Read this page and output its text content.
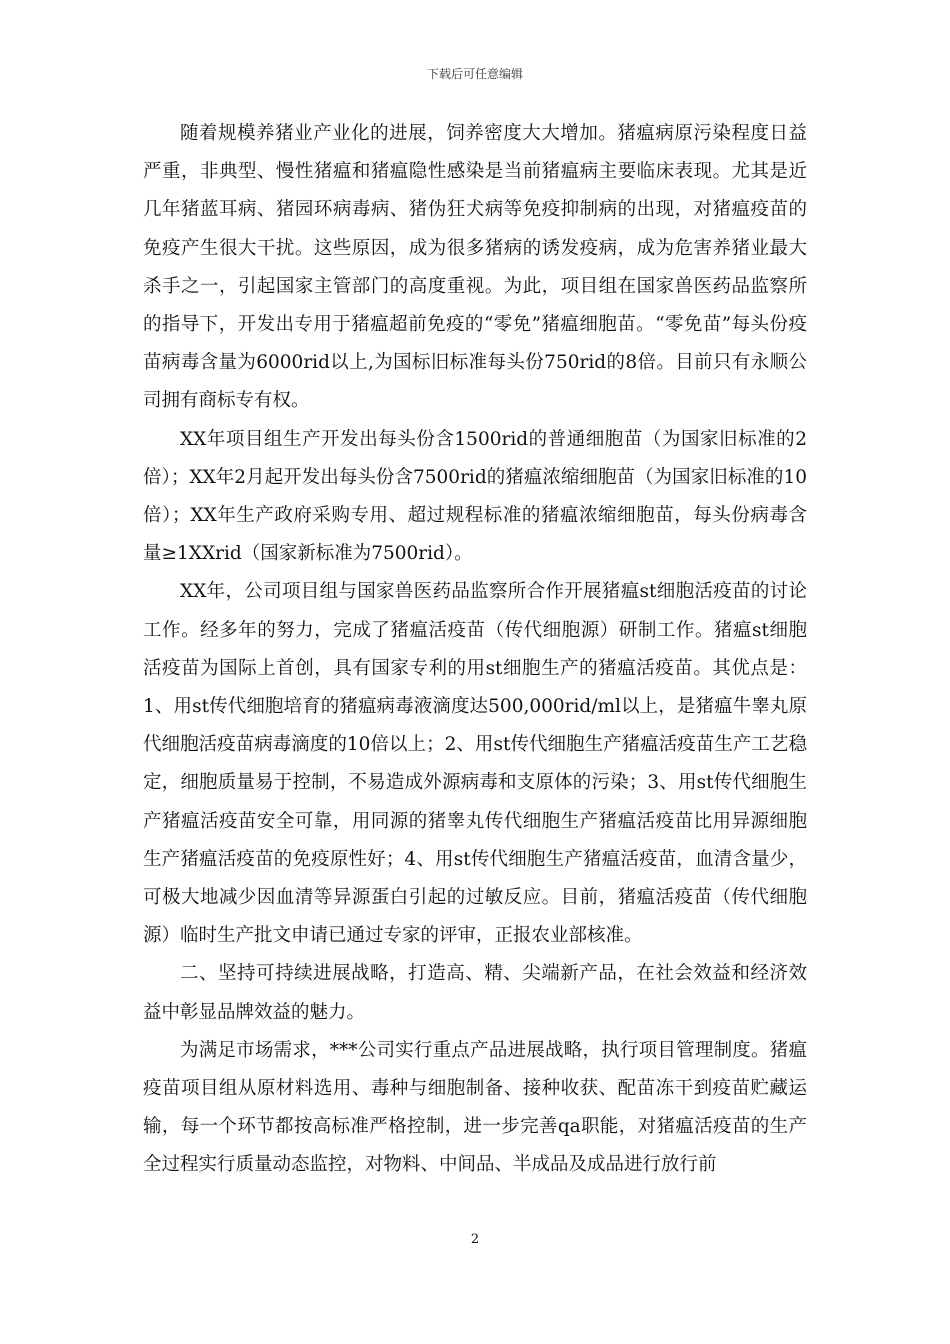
下载后可任意编辑

随着规模养猪业产业化的进展，饲养密度大大增加。猪瘟病原污染程度日益严重，非典型、慢性猪瘟和猪瘟隐性感染是当前猪瘟病主要临床表现。尤其是近几年猪蓝耳病、猪园环病毒病、猪伪狂犬病等免疫抑制病的出现，对猪瘟疫苗的免疫产生很大干扰。这些原因，成为很多猪病的诱发疫病，成为危害养猪业最大杀手之一，引起国家主管部门的高度重视。为此，项目组在国家兽医药品监察所的指导下，开发出专用于猪瘟超前免疫的“零免”猪瘟细胞苗。“零免苗”每头份疫苗病毒含量为6000rid以上,为国标旧标准每头份750rid的8倍。目前只有永顺公司拥有商标专有权。

XX年项目组生产开发出每头份含1500rid的普通细胞苗（为国家旧标准的2倍）；XX年2月起开发出每头份含7500rid的猪瘟浓缩细胞苗（为国家旧标准的10倍）；XX年生产政府采购专用、超过规程标准的猪瘟浓缩细胞苗，每头份病毒含量≥1XXrid（国家新标准为7500rid）。

XX年，公司项目组与国家兽医药品监察所合作开展猪瘟st细胞活疫苗的讨论工作。经多年的努力，完成了猪瘟活疫苗（传代细胞源）研制工作。猪瘟st细胞活疫苗为国际上首创，具有国家专利的用st细胞生产的猪瘟活疫苗。其优点是：1、用st传代细胞培育的猪瘟病毒液滴度达500,000rid/ml以上，是猪瘟牛睾丸原代细胞活疫苗病毒滴度的10倍以上；2、用st传代细胞生产猪瘟活疫苗生产工艺稳定，细胞质量易于控制，不易造成外源病毒和支原体的污染；3、用st传代细胞生产猪瘟活疫苗安全可靠，用同源的猪睾丸传代细胞生产猪瘟活疫苗比用异源细胞生产猪瘟活疫苗的免疫原性好；4、用st传代细胞生产猪瘟活疫苗，血清含量少，可极大地减少因血清等异源蛋白引起的过敏反应。目前，猪瘟活疫苗（传代细胞源）临时生产批文申请已通过专家的评审，正报农业部核准。

二、坚持可持续进展战略，打造高、精、尖端新产品，在社会效益和经济效益中彰显品牌效益的魅力。

为满足市场需求，***公司实行重点产品进展战略，执行项目管理制度。猪瘟疫苗项目组从原材料选用、毒种与细胞制备、接种收获、配苗冻干到疫苗贮藏运输，每一个环节都按高标准严格控制，进一步完善qa职能，对猪瘟活疫苗的生产全过程实行质量动态监控，对物料、中间品、半成品及成品进行放行前

2
